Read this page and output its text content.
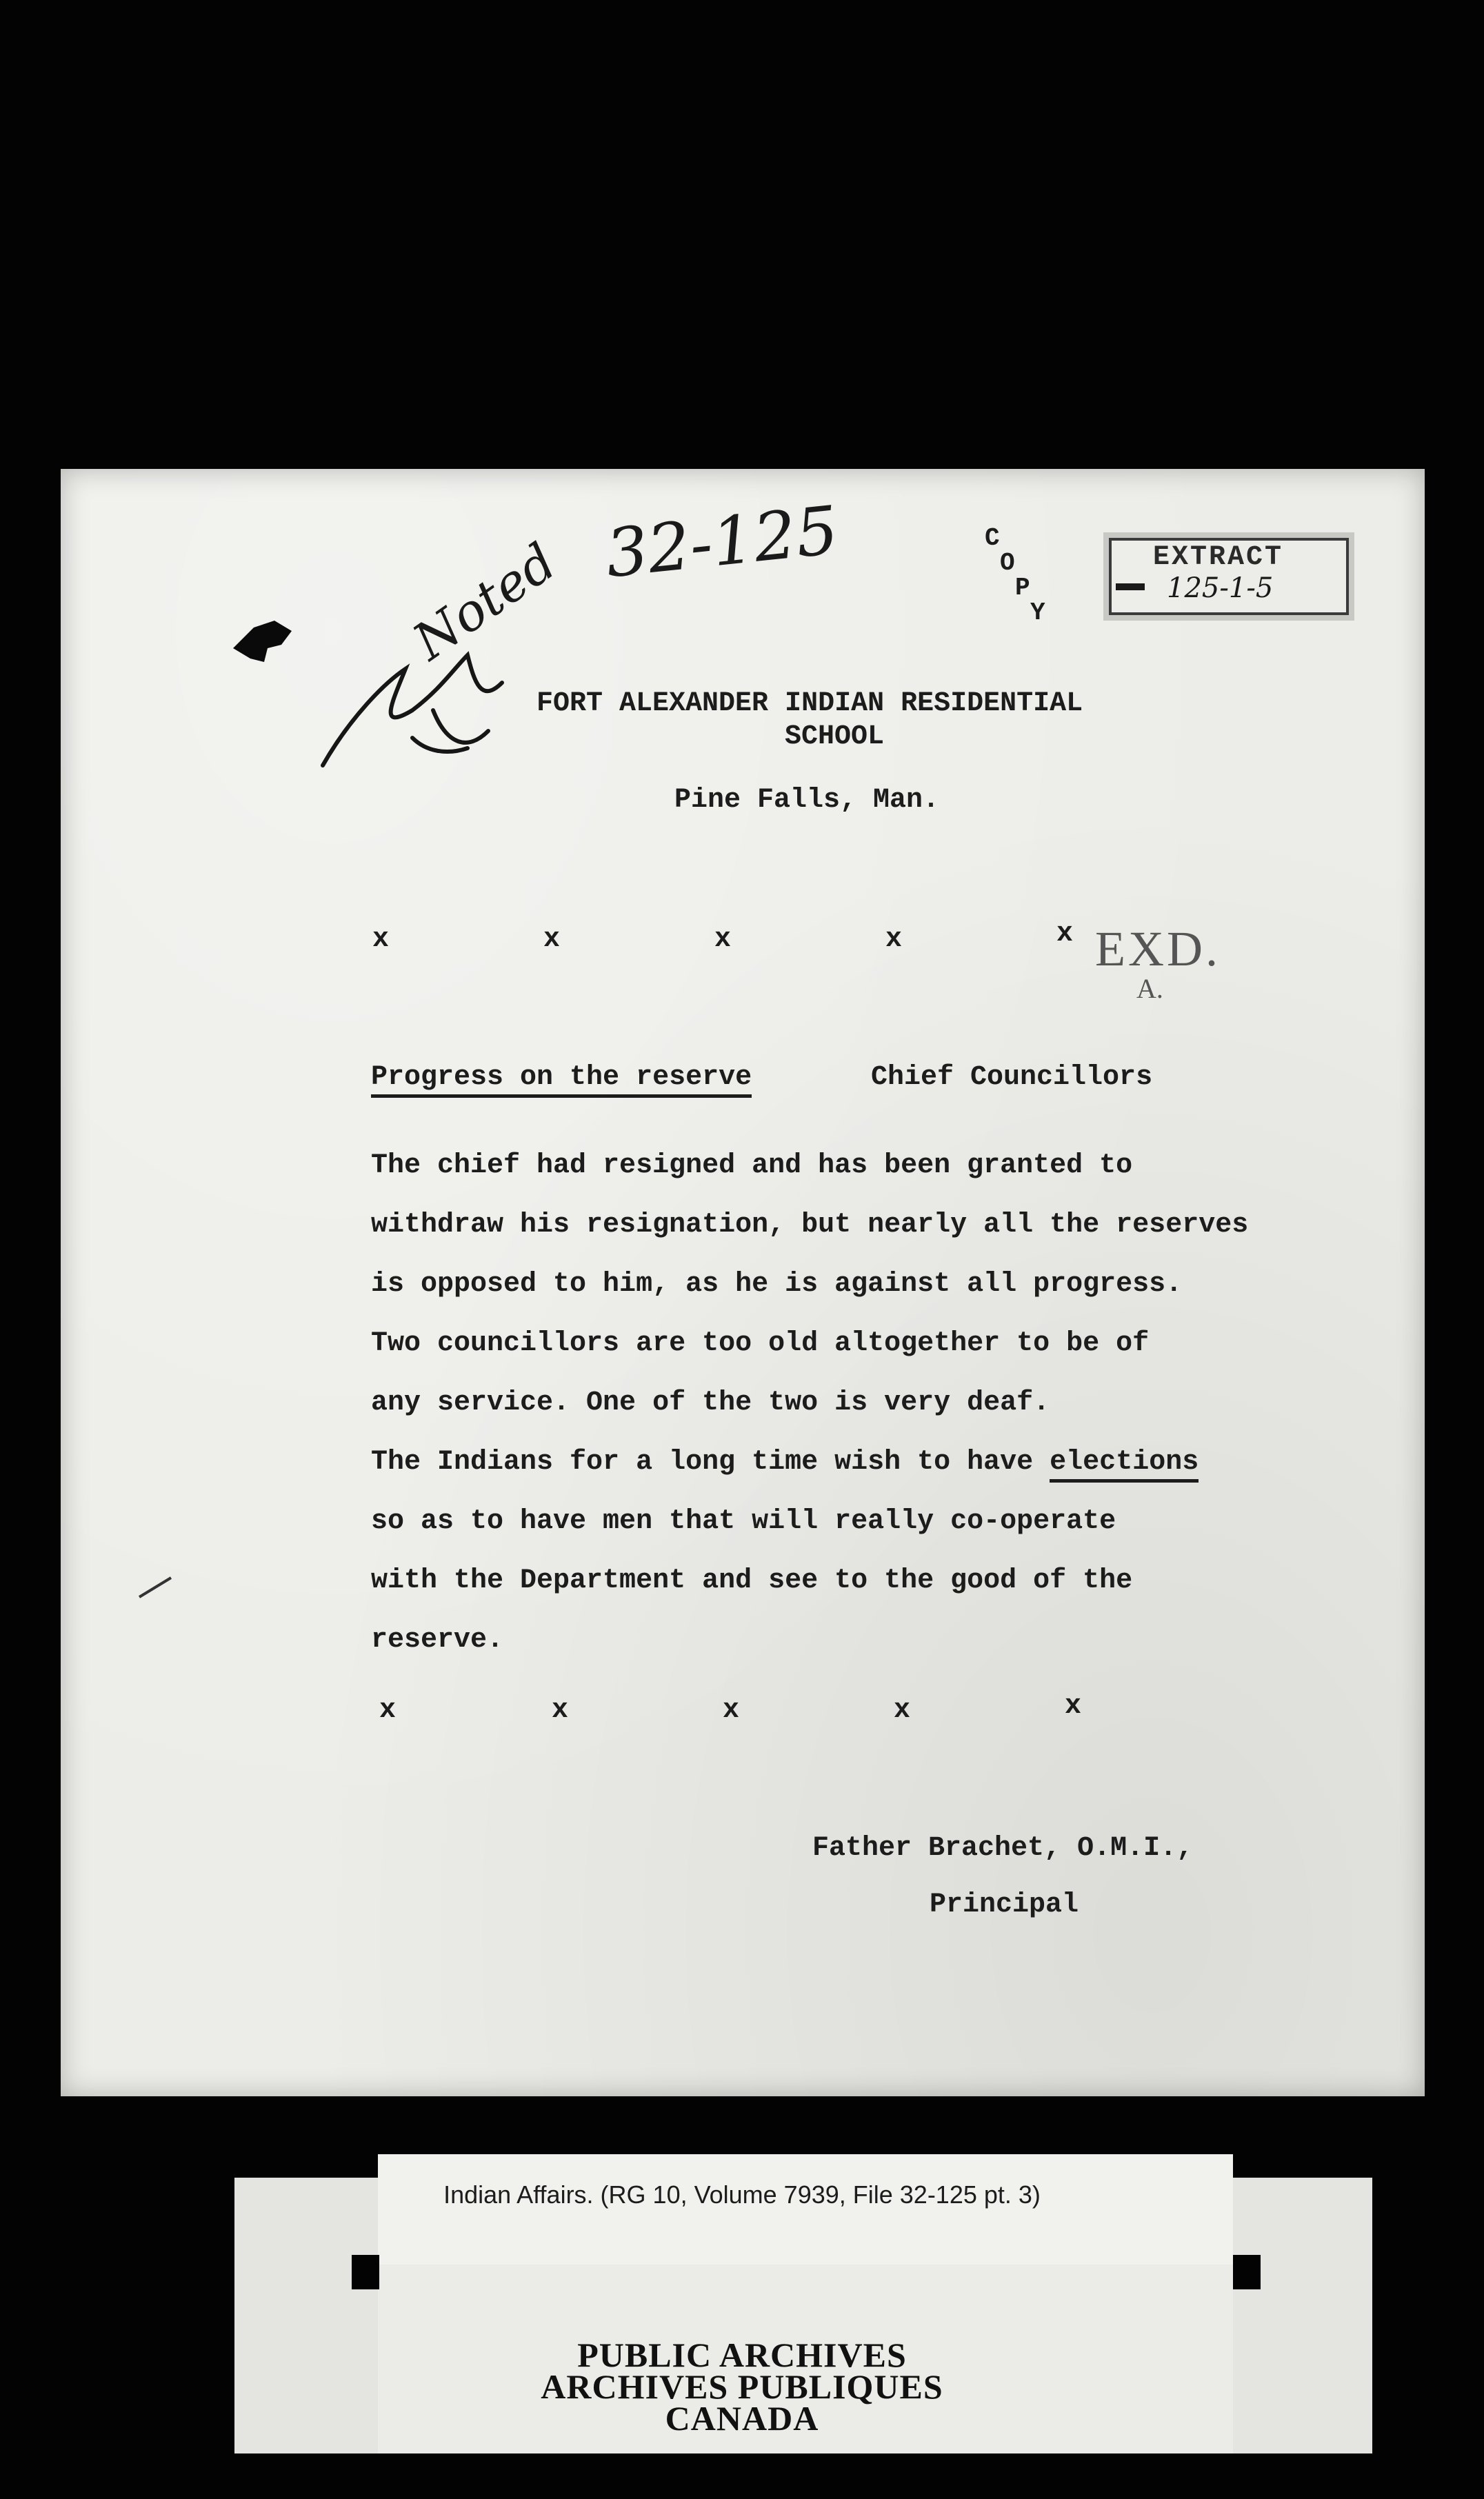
32-125	C
O
P
Y
EXTRACT
125-1-5
Noted
FORT ALEXANDER INDIAN RESIDENTIAL
SCHOOL
Pine Falls, Man.
x	x	x	x	x EXD.
A.
Progress on the reserve	Chief Councillors
The chief had resigned and has been granted to
withdraw his resignation, but nearly all the reserves
is opposed to him, as he is against all progress.
Two councillors are too old altogether to be of
any service. One of the two is very deaf.
The Indians for a long time wish to have elections
so as to have men that will really co-operate
with the Department and see to the good of the
reserve.
x	x	x	x	x
Father Brachet, O.M.I.,
Principal
Indian Affairs. (RG 10, Volume 7939, File 32-125 pt. 3)
PUBLIC ARCHIVES
ARCHIVES PUBLIQUES
CANADA
